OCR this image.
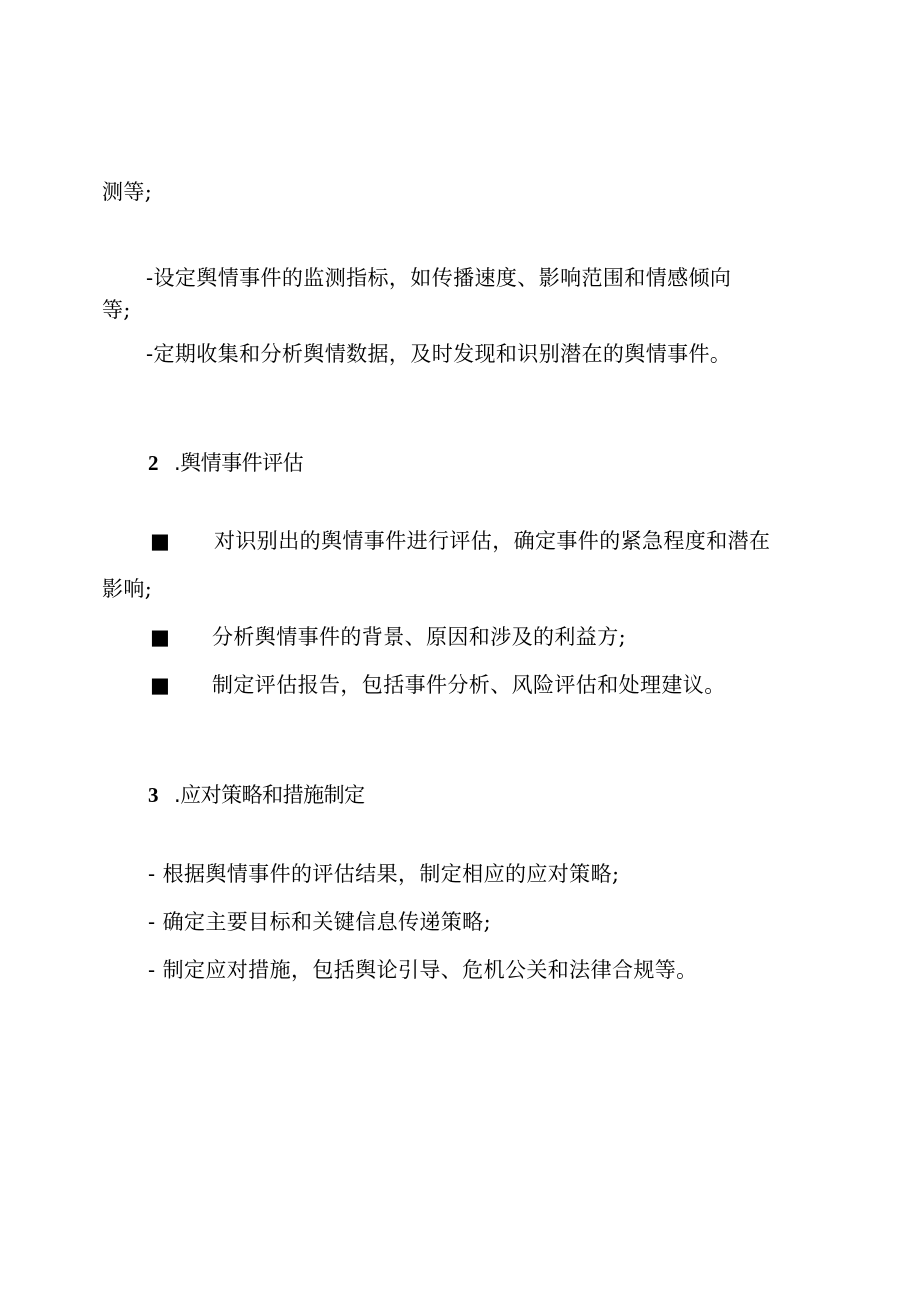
测等;
-设定舆情事件的监测指标，如传播速度、影响范围和情感倾向
等;
-定期收集和分析舆情数据，及时发现和识别潜在的舆情事件。
2 .舆情事件评估
■ 对识别出的舆情事件进行评估，确定事件的紧急程度和潜在
影响;
■ 分析舆情事件的背景、原因和涉及的利益方;
■ 制定评估报告，包括事件分析、风险评估和处理建议。
3 .应对策略和措施制定
- 根据舆情事件的评估结果，制定相应的应对策略;
- 确定主要目标和关键信息传递策略;
- 制定应对措施，包括舆论引导、危机公关和法律合规等。
